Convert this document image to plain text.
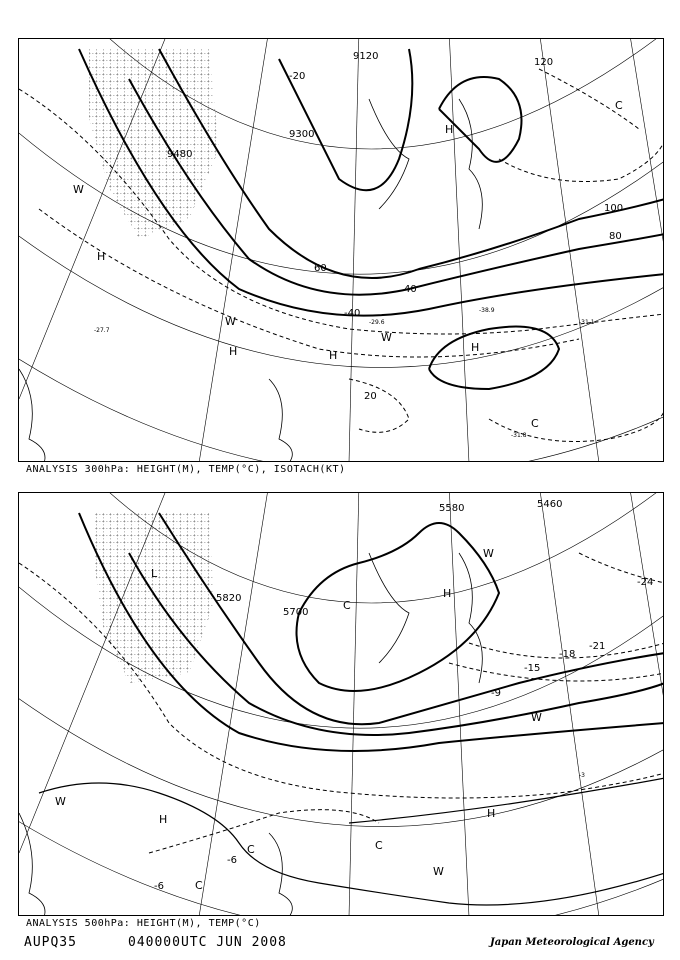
9480
9300
9120
100
80
60
40
120
20
-40
-20
-29.6	-31.1
-38.9
-31.8
-27.7
H
H	H
H
H
C
C
W
W
W
ANALYSIS 300hPa: HEIGHT(M), TEMP(°C), ISOTACH(KT)
5580
5700
5820
5460
-24
-21
-18
-15
-9
-6
-6
-3
H	H
H
C
C	C
C
L
W
W
W
W
ANALYSIS 500hPa: HEIGHT(M), TEMP(°C)
AUPQ35	040000UTC JUN 2008	Japan Meteorological Agency
